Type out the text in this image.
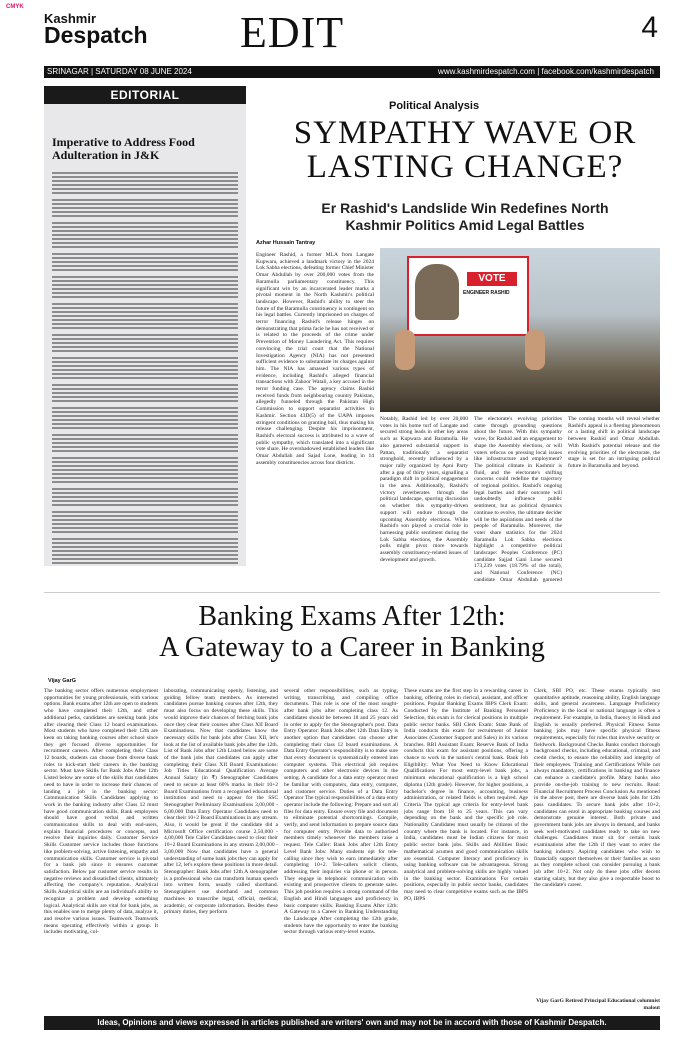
CMYK
Kashmir
Despatch EDIT	4
SRINAGAR | SATURDAY 08 JUNE 2024	www.kashmirdespatch.com | facebook.com/kashmirdespatch
EDITORIAL
Imperative to Address Food Adulteration in J&K
Political Analysis
SYMPATHY WAVE OR
LASTING CHANGE?
Er Rashid's Landslide Win Redefines North
Kashmir Politics Amid Legal Battles
Azhar Hussain Tantray
Engineer Rashid, a former MLA from Langate Kupwara, achieved a landmark victory in the 2024 Lok Sabha elections, defeating former Chief Minister Omar Abdullah by over 200,000 votes from the Baramulla parliamentary constituency. This significant win by an incarcerated leader marks a pivotal moment in the North Kashmir's political landscape. However, Rashid's ability to steer the future of the Baramulla constituency is contingent on his legal battles. Currently imprisoned on charges of terror financing Rashid's release hinges on demonstrating that prima facie he has not received or is related to the proceeds of the crime under Prevention of Money Laundering Act. This requires convincing the trial court that the National Investigation Agency (NIA) has not presented sufficient evidence to substantiate its charges against him. The NIA has amassed various types of evidence, including Rashid's alleged financial transactions with Zahoor Watali, a key accused in the terror funding case. The agency claims Rashid received funds from neighbouring country Pakistan, allegedly funneled through the Pakistan High Commission to support separatist activities in Kashmir. Section 43D(5) of the UAPA imposes stringent conditions on granting bail, thus making his release challenging. Despite his imprisonment, Rashid's electoral success is attributed to a wave of public sympathy, which translated into a significant vote share. He overshadowed established leaders like Omar Abdullah and Sajad Lone, leading in 14 assembly constituencies across four districts.
VOTE
ENGINEER RASHID
Notably, Rashid led by over 20,000 votes in his home turf of Langate and secured strong leads in other key areas such as Kupwara and Baramulla. He also garnered substantial support in Pattan, traditionally a separatist stronghold, recently influenced by a major rally organized by Apni Party after a gap of thirty years, signalling a paradigm shift in political engagement in the area. Additionally, Rashid's victory reverberates through the political landscape, spurring discussion on whether this sympathy-driven support will endure through the upcoming Assembly elections. While Rashid's son played a crucial role in harnessing public sentiment during the Lok Sabha elections, the Assembly polls might pivot more towards assembly constituency-related issues of development and growth.
The electorate's evolving priorities came through grounding questions about the future. With this sympathy wave, for Rashid and an engagement to shape the Assembly elections, or will voters refocus on pressing local issues like infrastructure and employment? The political climate in Kashmir is fluid, and the electorate's shifting concerns could redefine the trajectory of regional politics. Rashid's ongoing legal battles and their outcome will undoubtedly influence public sentiment, but as political dynamics continue to evolve, the ultimate decider will be the aspirations and needs of the people of Baramulla. Moreover, the voter share statistics for the 2024 Baramulla Lok Sabha elections highlight a competitive political landscape: Peoples Conference (PC) candidate Sajjad Gani Lone secured 173,239 votes (18.79% of the total), and National Conference (NC) candidate Omar Abdullah garnered
The coming months will reveal whether Rashid's appeal is a fleeting phenomenon or a lasting shift in political landscape between Rashid and Omar Abdullah. With Rashid's potential release and the evolving priorities of the electorate, the stage is set for an intriguing political future in Baramulla and beyond.
Banking Exams After 12th:
A Gateway to a Career in Banking
Vijay GarG
The banking sector offers numerous employment opportunities for young professionals, with various options. Bank exams after 12th are open to students who have completed their 12th, and other additional perks, candidates are seeking bank jobs after clearing their Class 12 board examinations. Most students who have completed their 12th are keen on taking banking courses after school since they get focused diverse opportunities for recruitment careers. After completing their Class 12 boards, students can choose from diverse bank roles to kick-start their careers in the banking sector. Must have Skills for Bank Jobs After 12th Listed below are some of the skills that candidates need to have in order to increase their chances of landing a job in the banking sector: Communication Skills Candidates applying to work in the banking industry after Class 12 must have good communication skills. Bank employees should have good verbal and written communication skills to deal with end-users, explain financial procedures or concepts, and resolve their inquiries daily. Customer Service Skills Customer service includes those functions like problem-solving, active listening, empathy and communication skills. Customer service is pivotal for a bank job since it ensures customer satisfaction. Below par customer service results in negative reviews and dissatisfied clients, ultimately affecting the company's reputation. Analytical Skills Analytical skills are an individual's ability to recognize a problem and develop something logical. Analytical skills are vital for bank jobs, as this enables one to merge plenty of data, analyze it, and resolve various issues. Teamwork Teamwork means operating effectively within a group. It includes motivating, col-
laborating, communicating openly, listening, and guiding fellow team members. As interested candidates pursue banking courses after 12th, they must also focus on developing these skills. This would improve their chances of fetching bank jobs once they clear their courses after Class XII Board Examinations. Now that candidates know the necessary skills for bank jobs after Class XII, let's look at the list of available bank jobs after the 12th. List of Bank Jobs after 12th Listed below are some of the bank jobs that candidates can apply after completing their Class XII Board Examinations: Job Titles Educational Qualification Average Annual Salary (in ₹) Stenographer Candidates need to secure at least 60% marks in their 10+2 Board Examinations from a recognised educational institution and need to appear for the SSC Stenographer Preliminary Examinations 3,00,000 - 6,00,000 Data Entry Operator Candidates need to clear their 10+2 Board Examinations in any stream. Also, it would be great if the candidate did a Microsoft Office certification course 2,50,000 - 4,00,000 Tele Caller Candidates need to clear their 10+2 Board Examinations in any stream 2,00,000 - 3,00,000 Now that candidates have a general understanding of some bank jobs they can apply for after 12, let's explore these positions in more detail. Stenographer: Bank Jobs after 12th A stenographer is a professional who can transform human speech into written form, usually called shorthand. Stenographers use shorthand and common machines to transcribe legal, official, medical, academic, or corporate information. Besides these primary duties, they perform
several other responsibilities, such as typing, writing, transcribing, and compiling office documents. This role is one of the most sought-after bank jobs after completing class 12. As candidates should be between 18 and 25 years old in order to apply for the Stenographer's post. Data Entry Operator: Bank Jobs after 12th Data Entry is another option that candidates can choose after completing their class 12 board examinations. A Data Entry Operator's responsibility is to make sure that every document is systematically entered into computer systems. This electrical job requires computers and other electronic devices in the setting. A candidate for a data entry operator must be familiar with computers, data entry, computer, and customer service. Duties of a Data Entry Operator The typical responsibilities of a data entry operator include the following: Prepare and sort all files for data entry. Ensure every file and document to eliminate potential shortcomings. Compile, verify, and send information to prepare source data for computer entry. Provide data to authorised members timely whenever the members raise a request. Tele Caller: Bank Jobs after 12th Entry Level Bank Jobs: Many students opt for tele-calling since they wish to earn immediately after completing 10+2. Tele-callers solicit clients, addressing their inquiries via phone or in person. They engage in telephonic communication with existing and prospective clients to generate sales. This job position requires a strong command of the English and Hindi languages and proficiency in basic computer skills. Banking Exams After 12th: A Gateway to a Career in Banking Understanding the Landscape After completing the 12th grade, students have the opportunity to enter the banking sector through various entry-level exams.
These exams are the first step in a rewarding career in banking, offering roles in clerical, assistant, and officer positions. Popular Banking Exams IBPS Clerk Exam: Conducted by the Institute of Banking Personnel Selection, this exam is for clerical positions in multiple public sector banks. SBI Clerk Exam: State Bank of India conducts this exam for recruitment of Junior Associates (Customer Support and Sales) in its various branches. RBI Assistant Exam: Reserve Bank of India conducts this exam for assistant positions, offering a chance to work in the nation's central bank. Bank Job Eligibility: What You Need to Know Educational Qualifications For most entry-level bank jobs, a minimum educational qualification is a high school diploma (12th grade). However, for higher positions, a bachelor's degree in finance, accounting, business administration, or related fields is often required. Age Criteria The typical age criteria for entry-level bank jobs range from 18 to 25 years. This can vary depending on the bank and the specific job role. Nationality Candidates must usually be citizens of the country where the bank is located. For instance, in India, candidates must be Indian citizens for most public sector bank jobs. Skills and Abilities Basic mathematical acumen and good communication skills are essential. Computer literacy and proficiency in using banking software can be advantageous. Strong analytical and problem-solving skills are highly valued in the banking sector. Examinations For certain positions, especially in public sector banks, candidates may need to clear competitive exams such as the IBPS PO, IBPS
Clerk, SBI PO, etc. These exams typically test quantitative aptitude, reasoning ability, English language skills, and general awareness. Language Proficiency Proficiency in the local or national language is often a requirement. For example, in India, fluency in Hindi and English is usually preferred. Physical Fitness Some banking jobs may have specific physical fitness requirements, especially for roles that involve security or fieldwork. Background Checks Banks conduct thorough background checks, including educational, criminal, and credit checks, to ensure the reliability and integrity of their employees. Training and Certifications While not always mandatory, certifications in banking and finance can enhance a candidate's profile. Many banks also provide on-the-job training to new recruits. Read: Financial Recruitment Process Conclusion As mentioned in the above post, there are diverse bank jobs for 12th pass candidates. To secure bank jobs after 10+2, candidates can enrol in appropriate banking courses and demonstrate genuine interest. Both private and government bank jobs are always in demand, and banks seek well-motivated candidates ready to take on new challenges. Candidates must sit for certain bank examinations after the 12th if they want to enter the banking industry. Aspiring candidates who wish to financially support themselves or their families as soon as they complete school can consider pursuing a bank job after 10+2. Not only do these jobs offer decent starting salary, but they also give a respectable boost to the candidate's career.
Vijay GarG Retired Principal Educational columnist malout
Ideas, Opinions and views expressed in articles published are writers' own and may not be in accord with those of Kashmir Despatch.
